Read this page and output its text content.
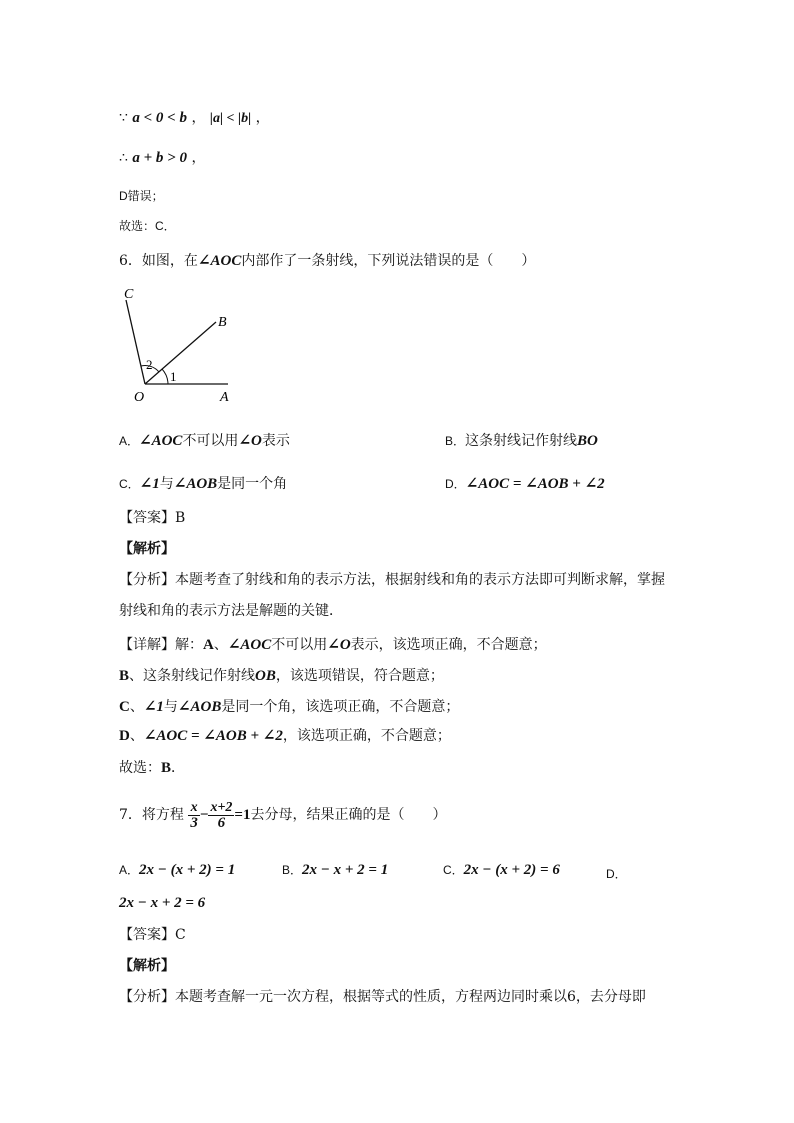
∵ a < 0 < b ， |a| < |b| ，
∴ a + b > 0 ，
D错误；
故选：C．
6．如图，在∠AOC内部作了一条射线，下列说法错误的是（　　）
C
B
O	A
1
2
A．∠AOC不可以用∠O表示	B．这条射线记作射线BO
C．∠1与∠AOB是同一个角	D．∠AOC = ∠AOB + ∠2
【答案】B
【解析】
【分析】本题考查了射线和角的表示方法，根据射线和角的表示方法即可判断求解，掌握
射线和角的表示方法是解题的关键．
【详解】解：A、∠AOC不可以用∠O表示，该选项正确，不合题意；
B、这条射线记作射线OB，该选项错误，符合题意；
C、∠1与∠AOB是同一个角，该选项正确，不合题意；
D、∠AOC = ∠AOB + ∠2，该选项正确，不合题意；
故选：B．
7．将方程 $\frac{x}{3} - \frac{x+2}{6} =1$去分母，结果正确的是（　　）
A．2x − (x + 2) = 1	B．2x − x + 2 = 1	C．2x − (x + 2) = 6	D．
2x − x + 2 = 6
【答案】C
【解析】
【分析】本题考查解一元一次方程，根据等式的性质，方程两边同时乘以6，去分母即
